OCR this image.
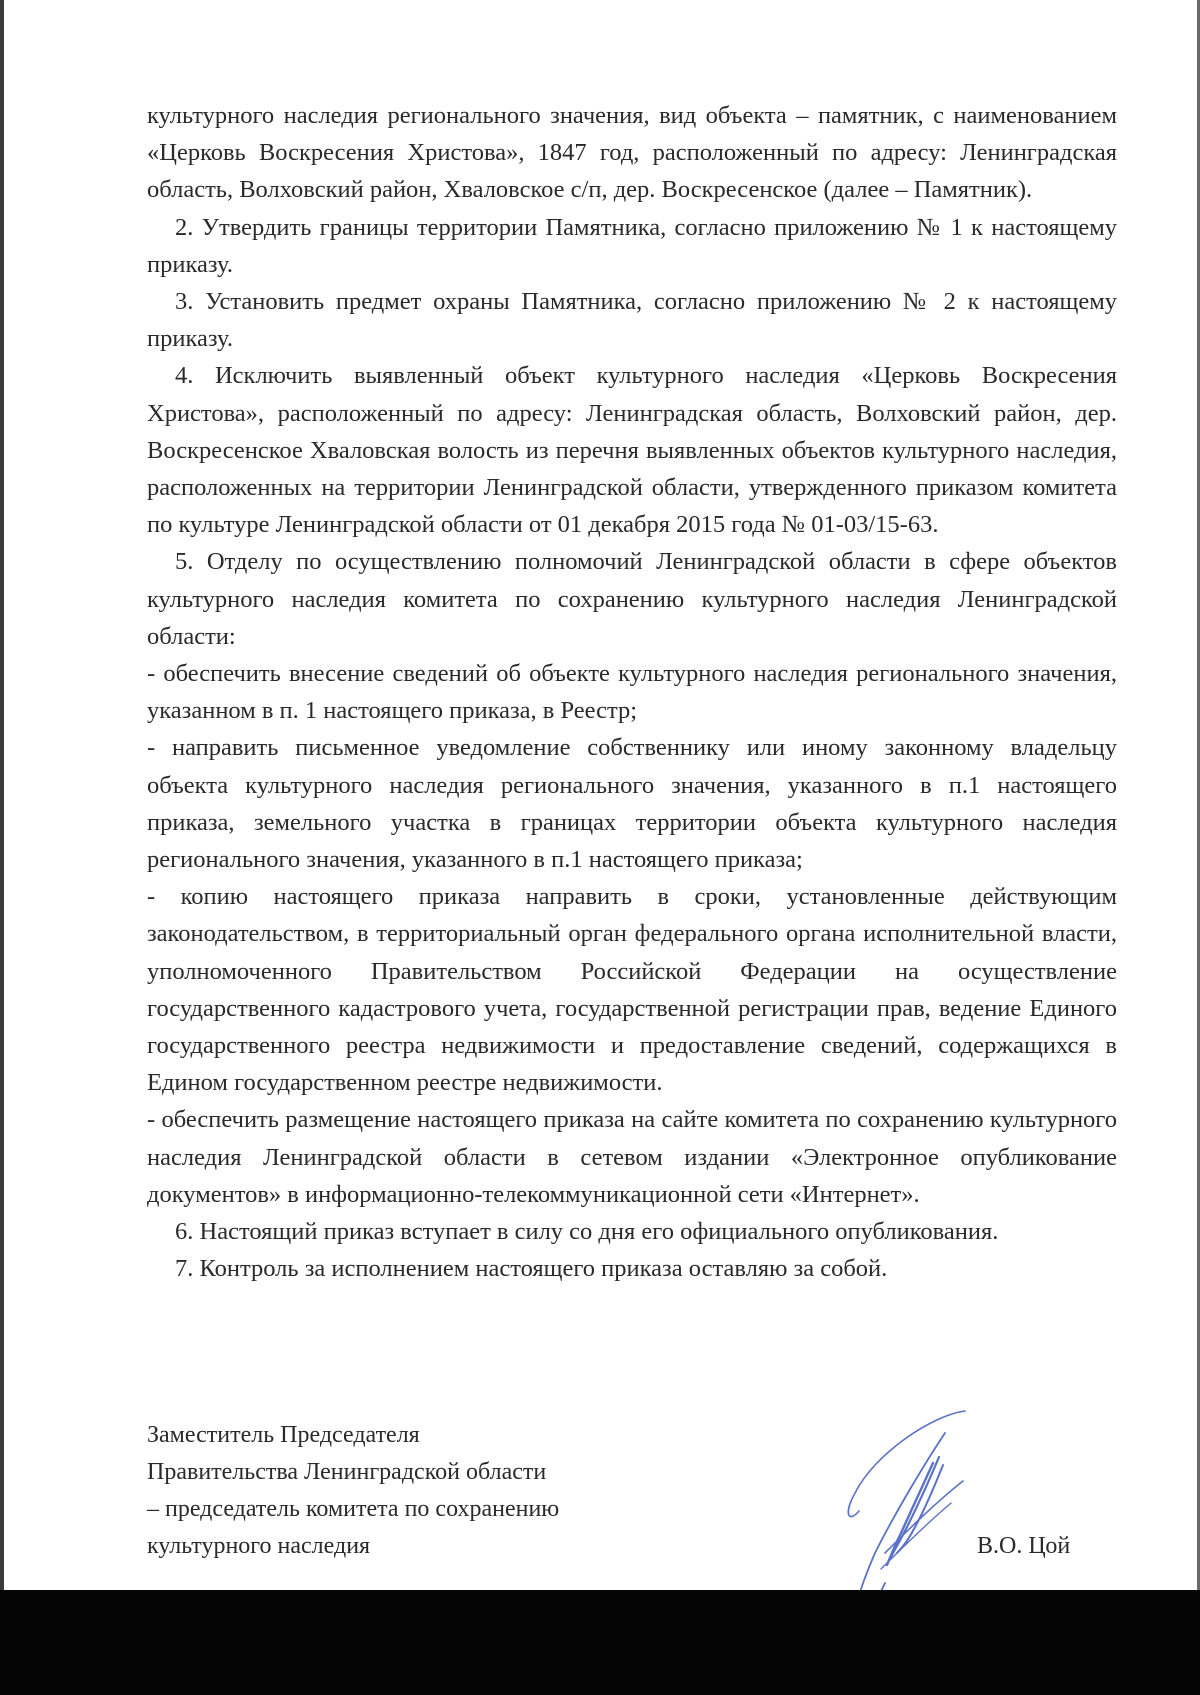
культурного наследия регионального значения, вид объекта – памятник, с наименованием «Церковь Воскресения Христова», 1847 год, расположенный по адресу: Ленинградская область, Волховский район, Хваловское с/п, дер. Воскресенское (далее – Памятник).

2. Утвердить границы территории Памятника, согласно приложению № 1 к настоящему приказу.

3. Установить предмет охраны Памятника, согласно приложению № 2 к настоящему приказу.

4. Исключить выявленный объект культурного наследия «Церковь Воскресения Христова», расположенный по адресу: Ленинградская область, Волховский район, дер. Воскресенское Хваловская волость из перечня выявленных объектов культурного наследия, расположенных на территории Ленинградской области, утвержденного приказом комитета по культуре Ленинградской области от 01 декабря 2015 года № 01-03/15-63.

5. Отделу по осуществлению полномочий Ленинградской области в сфере объектов культурного наследия комитета по сохранению культурного наследия Ленинградской области:

- обеспечить внесение сведений об объекте культурного наследия регионального значения, указанном в п. 1 настоящего приказа, в Реестр;

- направить письменное уведомление собственнику или иному законному владельцу объекта культурного наследия регионального значения, указанного в п.1 настоящего приказа, земельного участка в границах территории объекта культурного наследия регионального значения, указанного в п.1 настоящего приказа;

- копию настоящего приказа направить в сроки, установленные действующим законодательством, в территориальный орган федерального органа исполнительной власти, уполномоченного Правительством Российской Федерации на осуществление государственного кадастрового учета, государственной регистрации прав, ведение Единого государственного реестра недвижимости и предоставление сведений, содержащихся в Едином государственном реестре недвижимости.

- обеспечить размещение настоящего приказа на сайте комитета по сохранению культурного наследия Ленинградской области в сетевом издании «Электронное опубликование документов» в информационно-телекоммуникационной сети «Интернет».

6. Настоящий приказ вступает в силу со дня его официального опубликования.

7. Контроль за исполнением настоящего приказа оставляю за собой.

Заместитель Председателя
Правительства Ленинградской области
– председатель комитета по сохранению
культурного наследия	В.О. Цой
